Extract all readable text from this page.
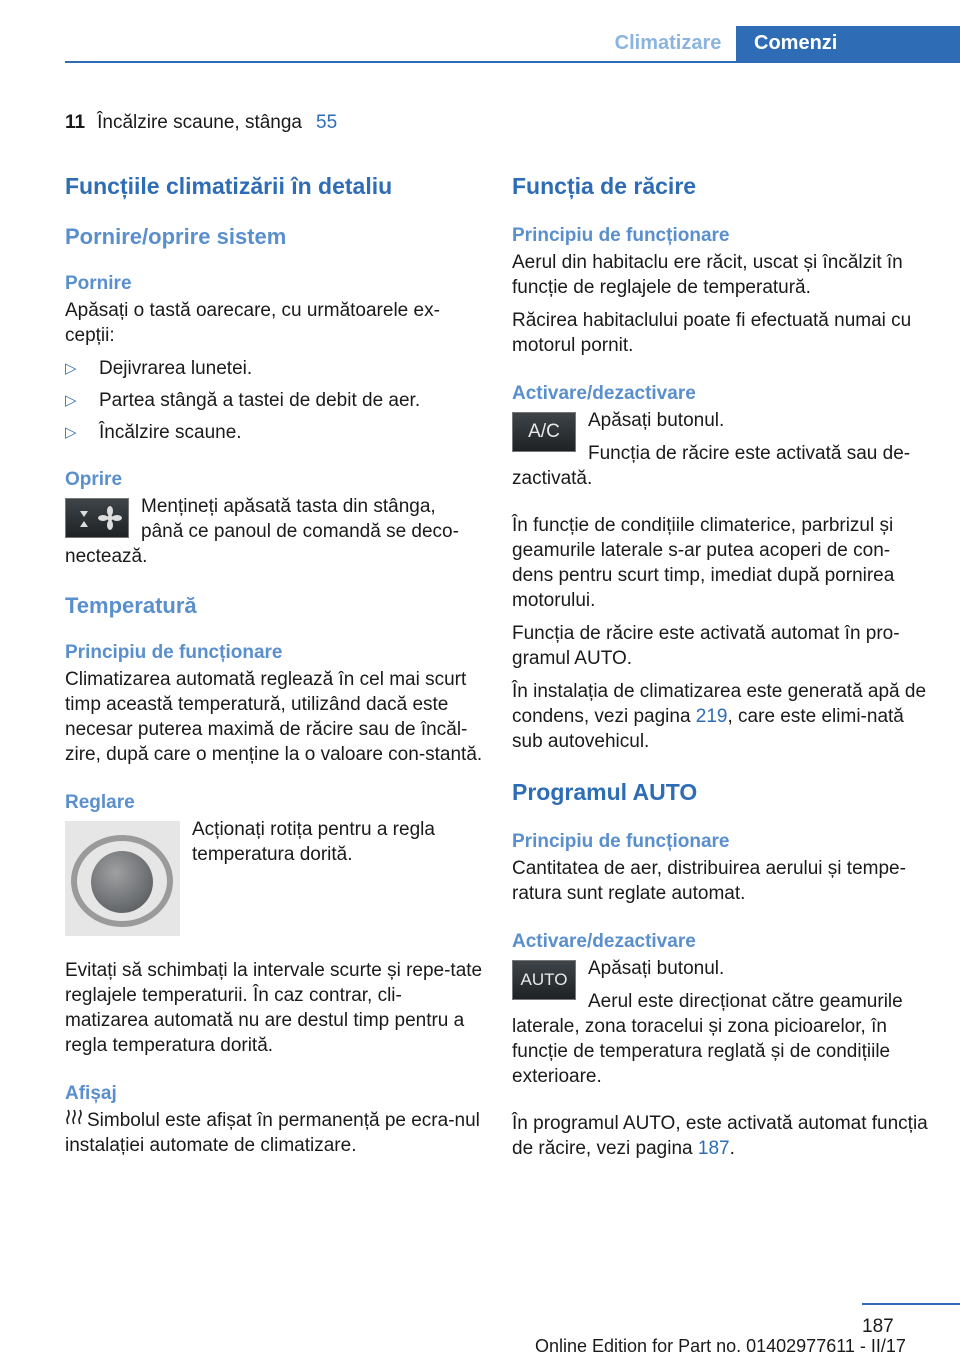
Climatizare	Comenzi
11 Încălzire scaune, stânga 55
Funcțiile climatizării în detaliu
Pornire/oprire sistem
Pornire

Apăsați o tastă oarecare, cu următoarele ex-cepții:

▷ Dejivrarea lunetei.
▷ Partea stângă a tastei de debit de aer.
▷ Încălzire scaune.
Oprire

Mențineți apăsată tasta din stânga, până ce panoul de comandă se deco-nectează.

Temperatură
Principiu de funcționare

Climatizarea automată reglează în cel mai scurt timp această temperatură, utilizând dacă este necesar puterea maximă de răcire sau de încăl-zire, după care o menține la o valoare con-stantă.

Reglare

Acționați rotița pentru a regla temperatura dorită.

Evitați să schimbați la intervale scurte și repe-tate reglajele temperaturii. În caz contrar, cli-matizarea automată nu are destul timp pentru a regla temperatura dorită.

Afișaj

Simbolul este afișat în permanență pe ecra-nul instalației automate de climatizare.

Funcția de răcire
Principiu de funcționare

Aerul din habitaclu ere răcit, uscat și încălzit în funcție de reglajele de temperatură.

Răcirea habitaclului poate fi efectuată numai cu motorul pornit.

Activare/dezactivare
A/C

Apăsați butonul.

Funcția de răcire este activată sau de-zactivată.

În funcție de condițiile climaterice, parbrizul și geamurile laterale s-ar putea acoperi de con-dens pentru scurt timp, imediat după pornirea motorului.

Funcția de răcire este activată automat în pro-gramul AUTO.

În instalația de climatizarea este generată apă de condens, vezi pagina 219, care este elimi-nată sub autovehicul.

Programul AUTO
Principiu de funcționare

Cantitatea de aer, distribuirea aerului și tempe-ratura sunt reglate automat.

Activare/dezactivare
AUTO

Apăsați butonul.

Aerul este direcționat către geamurile laterale, zona toracelui și zona picioarelor, în funcție de temperatura reglată și de condițiile exterioare.

În programul AUTO, este activată automat funcția de răcire, vezi pagina 187.

187
Online Edition for Part no. 01402977611 - II/17
